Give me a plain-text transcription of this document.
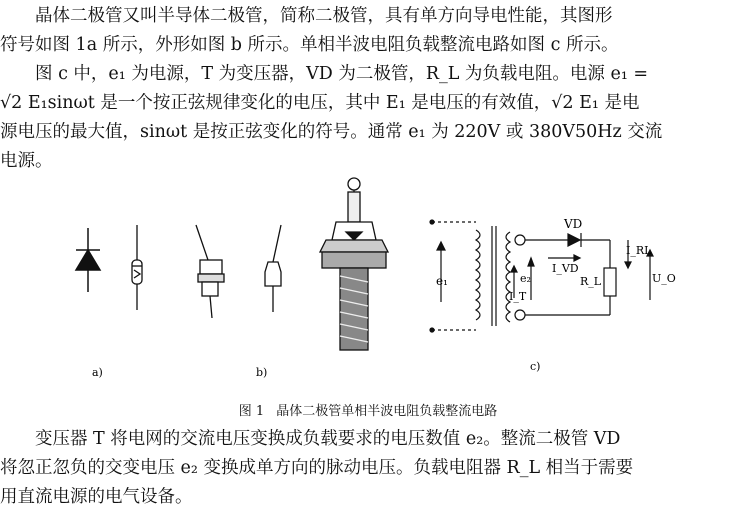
　　晶体二极管又叫半导体二极管，简称二极管，具有单方向导电性能，其图形
符号如图 1a 所示，外形如图 b 所示。单相半波电阻负载整流电路如图 c 所示。
　　图 c 中，e₁ 为电源，T 为变压器，VD 为二极管，R_L 为负载电阻。电源 e₁ =
√2 E₁sinωt 是一个按正弦规律变化的电压，其中 E₁ 是电压的有效值，√2 E₁ 是电
源电压的最大值，sinωt 是按正弦变化的符号。通常 e₁ 为 220V 或 380V50Hz 交流
电源。
VD
e₁	e₂
I_T
I_VD
I_RL
R_L	U_O
a)	b)	c)
图 1 晶体二极管单相半波电阻负载整流电路
　　变压器 T 将电网的交流电压变换成负载要求的电压数值 e₂。整流二极管 VD
将忽正忽负的交变电压 e₂ 变换成单方向的脉动电压。负载电阻器 R_L 相当于需要
用直流电源的电气设备。
